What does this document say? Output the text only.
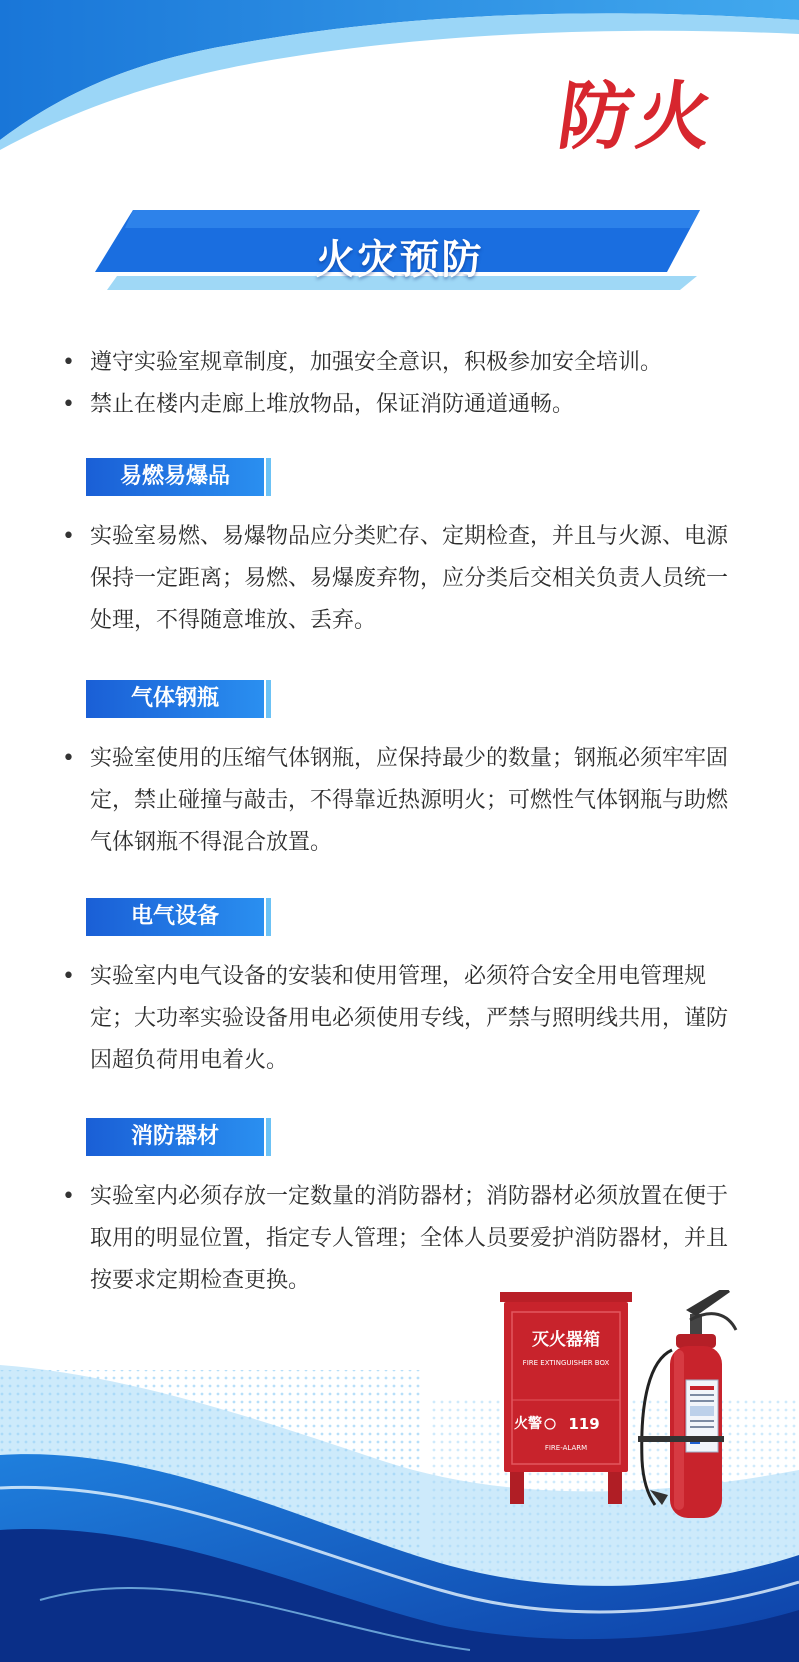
防火
火灾预防
• 遵守实验室规章制度，加强安全意识，积极参加安全培训。
• 禁止在楼内走廊上堆放物品，保证消防通道通畅。
易燃易爆品
• 实验室易燃、易爆物品应分类贮存、定期检查，并且与火源、电源保持一定距离；易燃、易爆废弃物，应分类后交相关负责人员统一处理，不得随意堆放、丢弃。
气体钢瓶
• 实验室使用的压缩气体钢瓶，应保持最少的数量；钢瓶必须牢牢固定，禁止碰撞与敲击，不得靠近热源明火；可燃性气体钢瓶与助燃气体钢瓶不得混合放置。
电气设备
• 实验室内电气设备的安装和使用管理，必须符合安全用电管理规定；大功率实验设备用电必须使用专线，严禁与照明线共用，谨防因超负荷用电着火。
消防器材
• 实验室内必须存放一定数量的消防器材；消防器材必须放置在便于取用的明显位置，指定专人管理；全体人员要爱护消防器材，并且按要求定期检查更换。
灭火器箱
FIRE EXTINGUISHER BOX
火警 119
FIRE-ALARM
